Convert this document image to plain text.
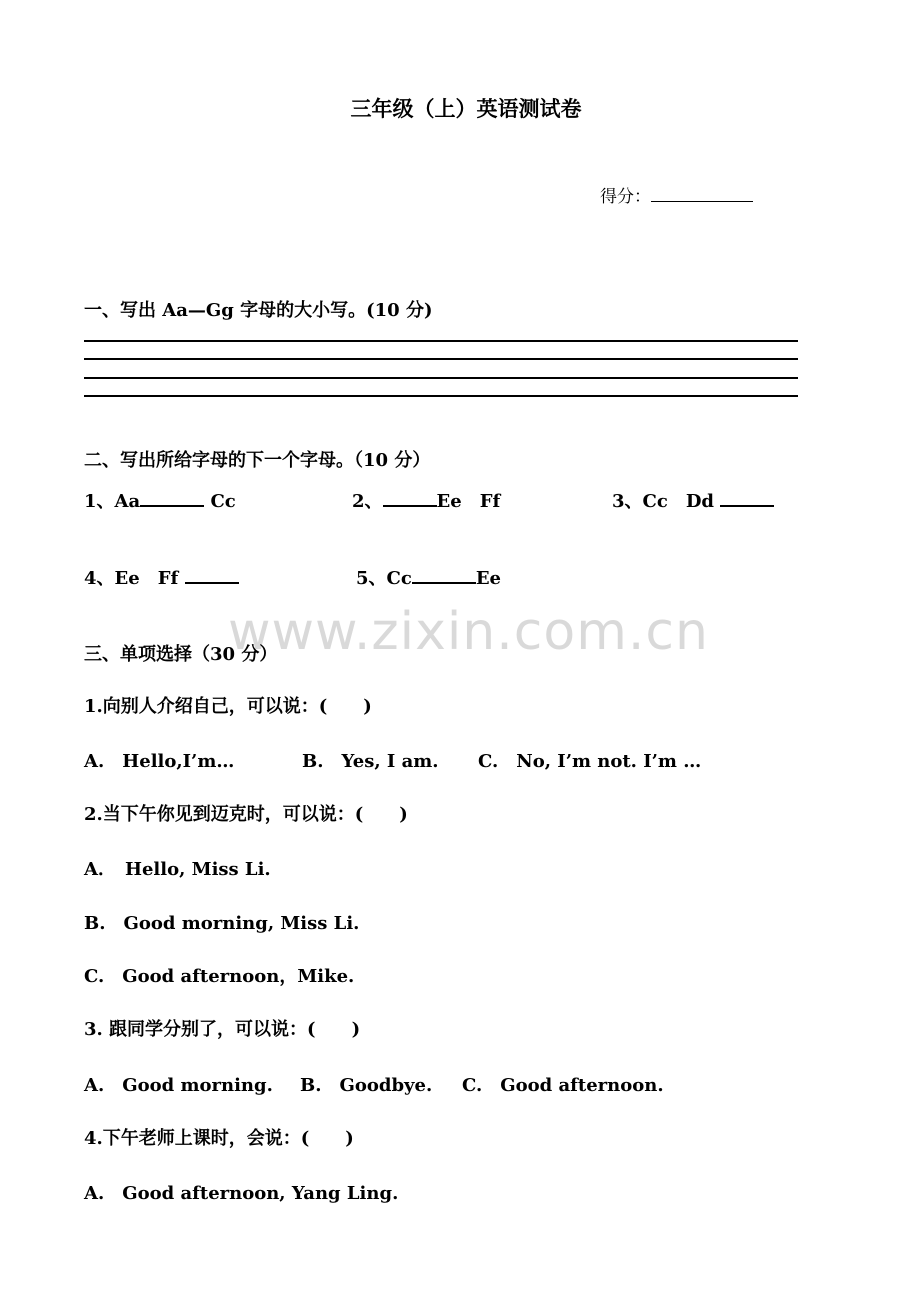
三年级（上）英语测试卷
得分：
一、写出 Aa—Gg 字母的大小写。(10 分)
二、写出所给字母的下一个字母。（10 分）
1、Aa	Cc	2、	Ee　Ff	3、Cc　Dd
4、Ee　Ff	5、Cc	Ee
www.zixin.com.cn
三、单项选择（30 分）
1.向别人介绍自己，可以说：(　　)
A.　Hello,I’m…	B.　Yes, I am. C.　No, I’m not. I’m …
2.当下午你见到迈克时，可以说：(　　)
A．　Hello, Miss Li.
B.　Good morning, Miss Li.
C.　Good afternoon，Mike.
3. 跟同学分别了，可以说：(　　)
A.　Good morning. B.　Goodbye. C.　Good afternoon.
4.下午老师上课时，会说：(　　)
A.　Good afternoon, Yang Ling.
